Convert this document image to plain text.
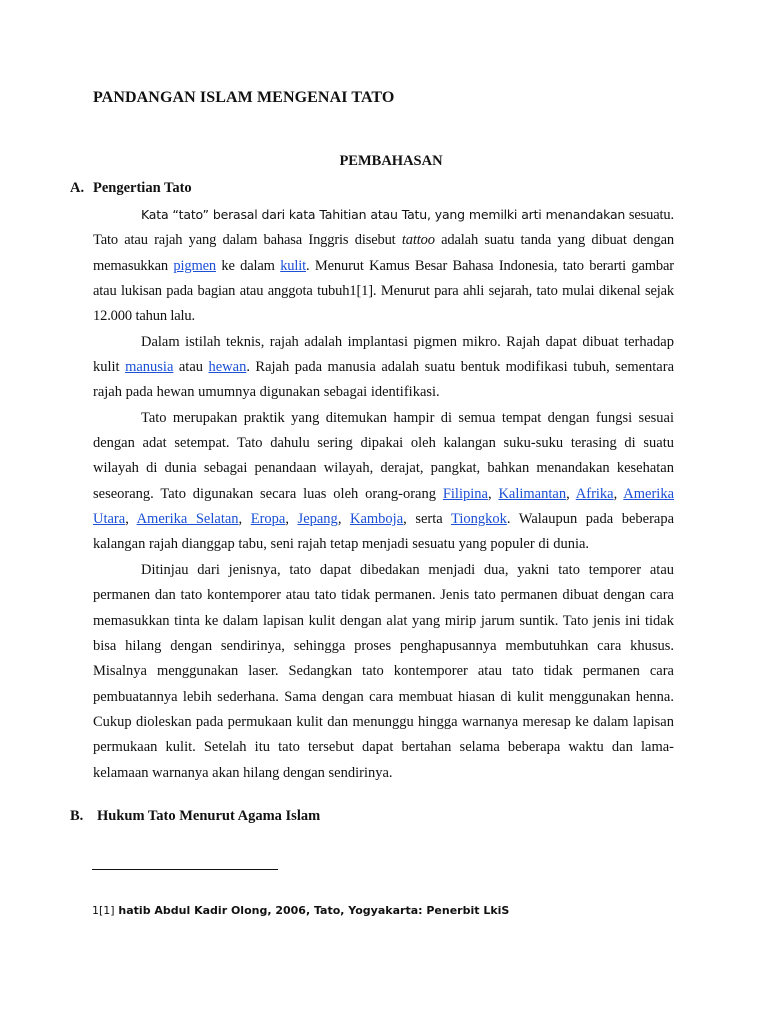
PANDANGAN ISLAM MENGENAI TATO
PEMBAHASAN
A. Pengertian Tato

Kata “tato” berasal dari kata Tahitian atau Tatu, yang memilki arti menandakan sesuatu. Tato atau rajah yang dalam bahasa Inggris disebut tattoo adalah suatu tanda yang dibuat dengan memasukkan pigmen ke dalam kulit. Menurut Kamus Besar Bahasa Indonesia, tato berarti gambar atau lukisan pada bagian atau anggota tubuh1[1]. Menurut para ahli sejarah, tato mulai dikenal sejak 12.000 tahun lalu.

Dalam istilah teknis, rajah adalah implantasi pigmen mikro. Rajah dapat dibuat terhadap kulit manusia atau hewan. Rajah pada manusia adalah suatu bentuk modifikasi tubuh, sementara rajah pada hewan umumnya digunakan sebagai identifikasi.

Tato merupakan praktik yang ditemukan hampir di semua tempat dengan fungsi sesuai dengan adat setempat. Tato dahulu sering dipakai oleh kalangan suku-suku terasing di suatu wilayah di dunia sebagai penandaan wilayah, derajat, pangkat, bahkan menandakan kesehatan seseorang. Tato digunakan secara luas oleh orang-orang Filipina, Kalimantan, Afrika, Amerika Utara, Amerika Selatan, Eropa, Jepang, Kamboja, serta Tiongkok. Walaupun pada beberapa kalangan rajah dianggap tabu, seni rajah tetap menjadi sesuatu yang populer di dunia.

Ditinjau dari jenisnya, tato dapat dibedakan menjadi dua, yakni tato temporer atau permanen dan tato kontemporer atau tato tidak permanen. Jenis tato permanen dibuat dengan cara memasukkan tinta ke dalam lapisan kulit dengan alat yang mirip jarum suntik. Tato jenis ini tidak bisa hilang dengan sendirinya, sehingga proses penghapusannya membutuhkan cara khusus. Misalnya menggunakan laser. Sedangkan tato kontemporer atau tato tidak permanen cara pembuatannya lebih sederhana. Sama dengan cara membuat hiasan di kulit menggunakan henna. Cukup dioleskan pada permukaan kulit dan menunggu hingga warnanya meresap ke dalam lapisan permukaan kulit. Setelah itu tato tersebut dapat bertahan selama beberapa waktu dan lama-kelamaan warnanya akan hilang dengan sendirinya.

B. Hukum Tato Menurut Agama Islam

1[1] hatib Abdul Kadir Olong, 2006, Tato, Yogyakarta: Penerbit LkiS
